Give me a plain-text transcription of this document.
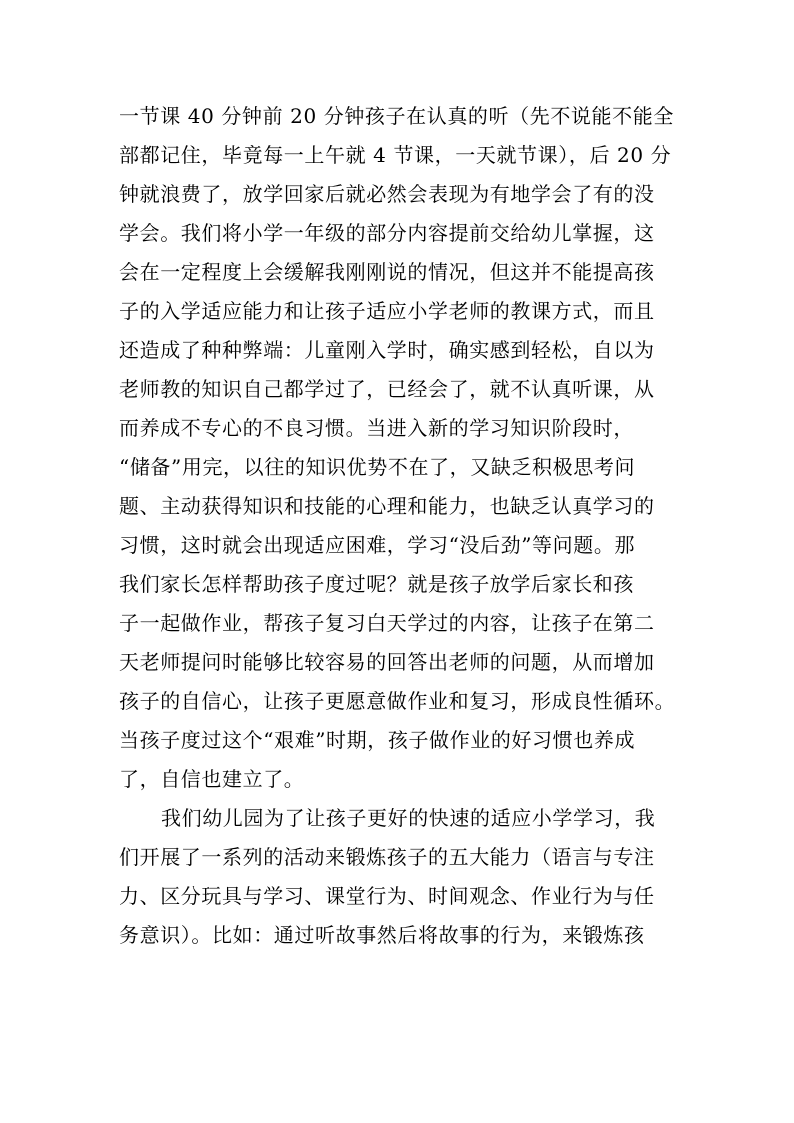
一节课 40 分钟前 20 分钟孩子在认真的听（先不说能不能全
部都记住，毕竟每一上午就 4 节课，一天就节课），后 20 分
钟就浪费了，放学回家后就必然会表现为有地学会了有的没
学会。我们将小学一年级的部分内容提前交给幼儿掌握，这
会在一定程度上会缓解我刚刚说的情况，但这并不能提高孩
子的入学适应能力和让孩子适应小学老师的教课方式，而且
还造成了种种弊端：儿童刚入学时，确实感到轻松，自以为
老师教的知识自己都学过了，已经会了，就不认真听课，从
而养成不专心的不良习惯。当进入新的学习知识阶段时，
“储备”用完，以往的知识优势不在了，又缺乏积极思考问
题、主动获得知识和技能的心理和能力，也缺乏认真学习的
习惯，这时就会出现适应困难，学习“没后劲”等问题。那
我们家长怎样帮助孩子度过呢？就是孩子放学后家长和孩
子一起做作业，帮孩子复习白天学过的内容，让孩子在第二
天老师提问时能够比较容易的回答出老师的问题，从而增加
孩子的自信心，让孩子更愿意做作业和复习，形成良性循环。
当孩子度过这个“艰难”时期，孩子做作业的好习惯也养成
了，自信也建立了。
我们幼儿园为了让孩子更好的快速的适应小学学习，我
们开展了一系列的活动来锻炼孩子的五大能力（语言与专注
力、区分玩具与学习、课堂行为、时间观念、作业行为与任
务意识）。比如：通过听故事然后将故事的行为，来锻炼孩
